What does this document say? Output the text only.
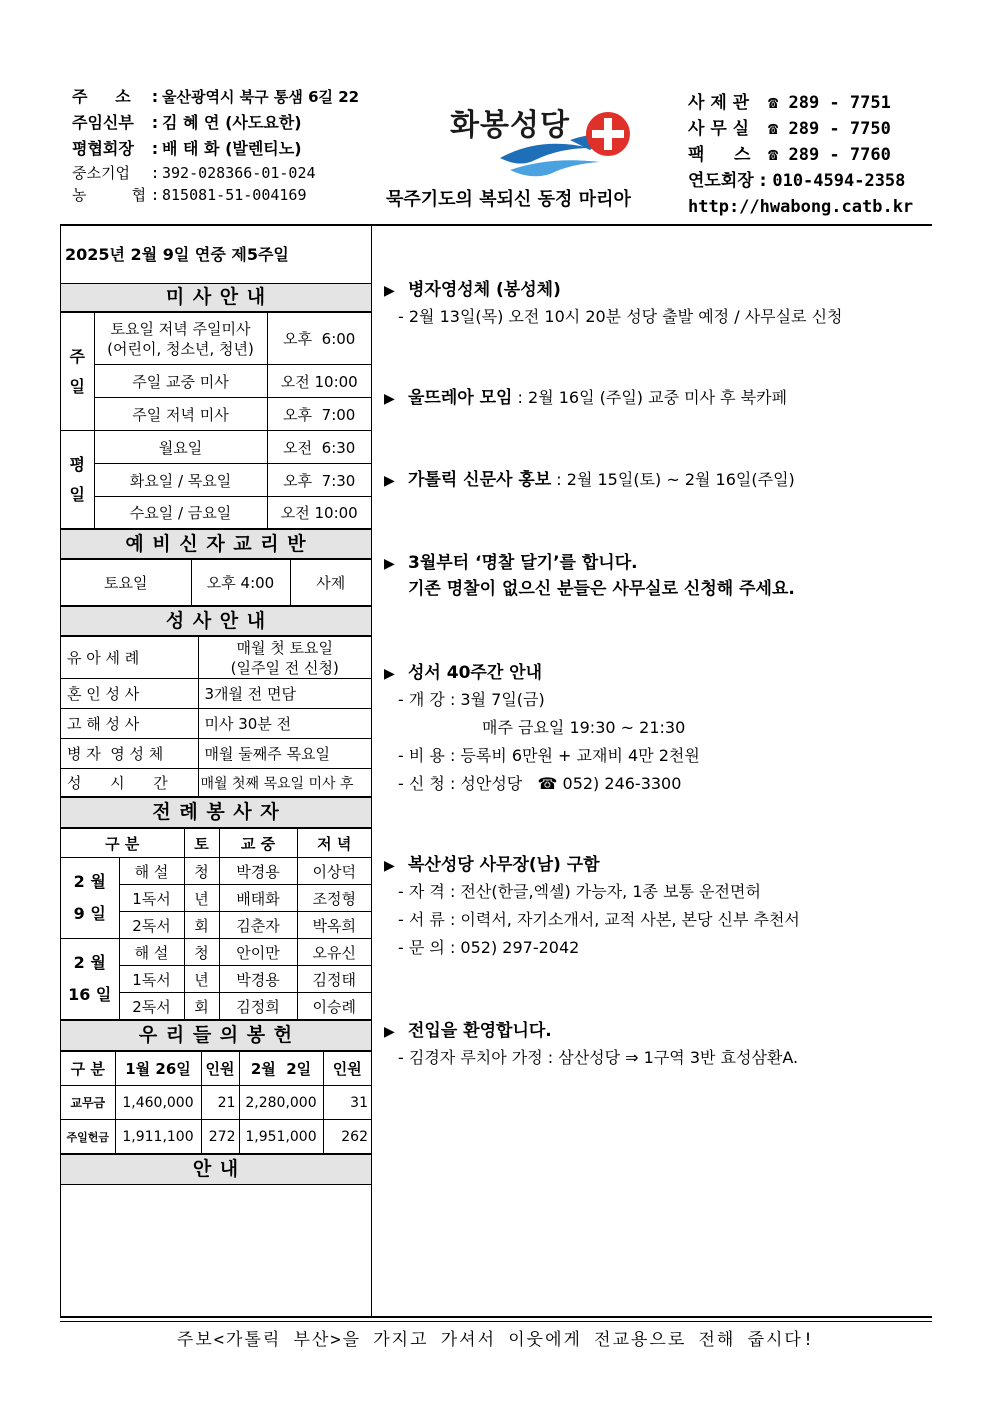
주     소 : 울산광역시 북구 통샘 6길 22
주임신부 : 김 혜 연 (사도요한)
평협회장 : 배 태 화 (발렌티노)
중소기업 : 392-028366-01-024
농     협 : 815081-51-004169
화봉성당
묵주기도의 복되신 동정 마리아
사 제 관 ☎ 289 - 7751
사 무 실 ☎ 289 - 7750
팩     스 ☎ 289 - 7760
연도회장 : 010-4594-2358
http://hwabong.catb.kr
2025년 2월 9일 연중 제5주일
미 사 안 내
주일	토요일 저녁 주일미사
(어린이, 청소년, 청년)	오후  6:00
	주일 교중 미사	오전 10:00
	주일 저녁 미사	오후  7:00
평일	월요일	오전  6:30
	화요일 / 목요일	오후  7:30
	수요일 / 금요일	오전 10:00
예 비 신 자 교 리 반
토요일	오후 4:00	사제
성 사 안 내
유 아 세 례	매월 첫 토요일
(일주일 전 신청)

혼 인 성 사	3개월 전 면담
고 해 성 사	미사 30분 전
병 자  영 성 체	매월 둘째주 목요일
성      시      간	매월 첫째 목요일 미사 후
전 례 봉 사 자
구 분		토	교 중	저 녁

2 월
9 일	해 설	청	박경용	이상덕
	1독서	년	배태화	조정형
	2독서	회	김춘자	박옥희

2 월
16 일	해 설	청	안이만	오유신
	1독서	년	박경용	김정태
	2독서	회	김정희	이승례
우 리 들 의 봉 헌
구 분	1월 26일	인원	2월  2일	인원
교무금	1,460,000	21	2,280,000	31
주일헌금	1,911,100	272	1,951,000	262
안 내
▶ 병자영성체 (봉성체)
- 2월 13일(목) 오전 10시 20분 성당 출발 예정 / 사무실로 신청
▶ 울뜨레아 모임 : 2월 16일 (주일) 교중 미사 후 북카페
▶ 가톨릭 신문사 홍보 : 2월 15일(토) ~ 2월 16일(주일)
▶ 3월부터 ‘명찰 달기’를 합니다.
기존 명찰이 없으신 분들은 사무실로 신청해 주세요.
▶ 성서 40주간 안내
- 개 강 : 3월 7일(금)
매주 금요일 19:30 ~ 21:30
- 비 용 : 등록비 6만원 + 교재비 4만 2천원
- 신 청 : 성안성당   ☎ 052) 246-3300
▶ 복산성당 사무장(남) 구함
- 자 격 : 전산(한글,엑셀) 가능자, 1종 보통 운전면허
- 서 류 : 이력서, 자기소개서, 교적 사본, 본당 신부 추천서
- 문 의 : 052) 297-2042
▶ 전입을 환영합니다.
- 김경자 루치아 가정 : 삼산성당 ⇒ 1구역 3반 효성삼환A.
주보<가톨릭 부산>을 가지고 가셔서 이웃에게 전교용으로 전해 줍시다!
